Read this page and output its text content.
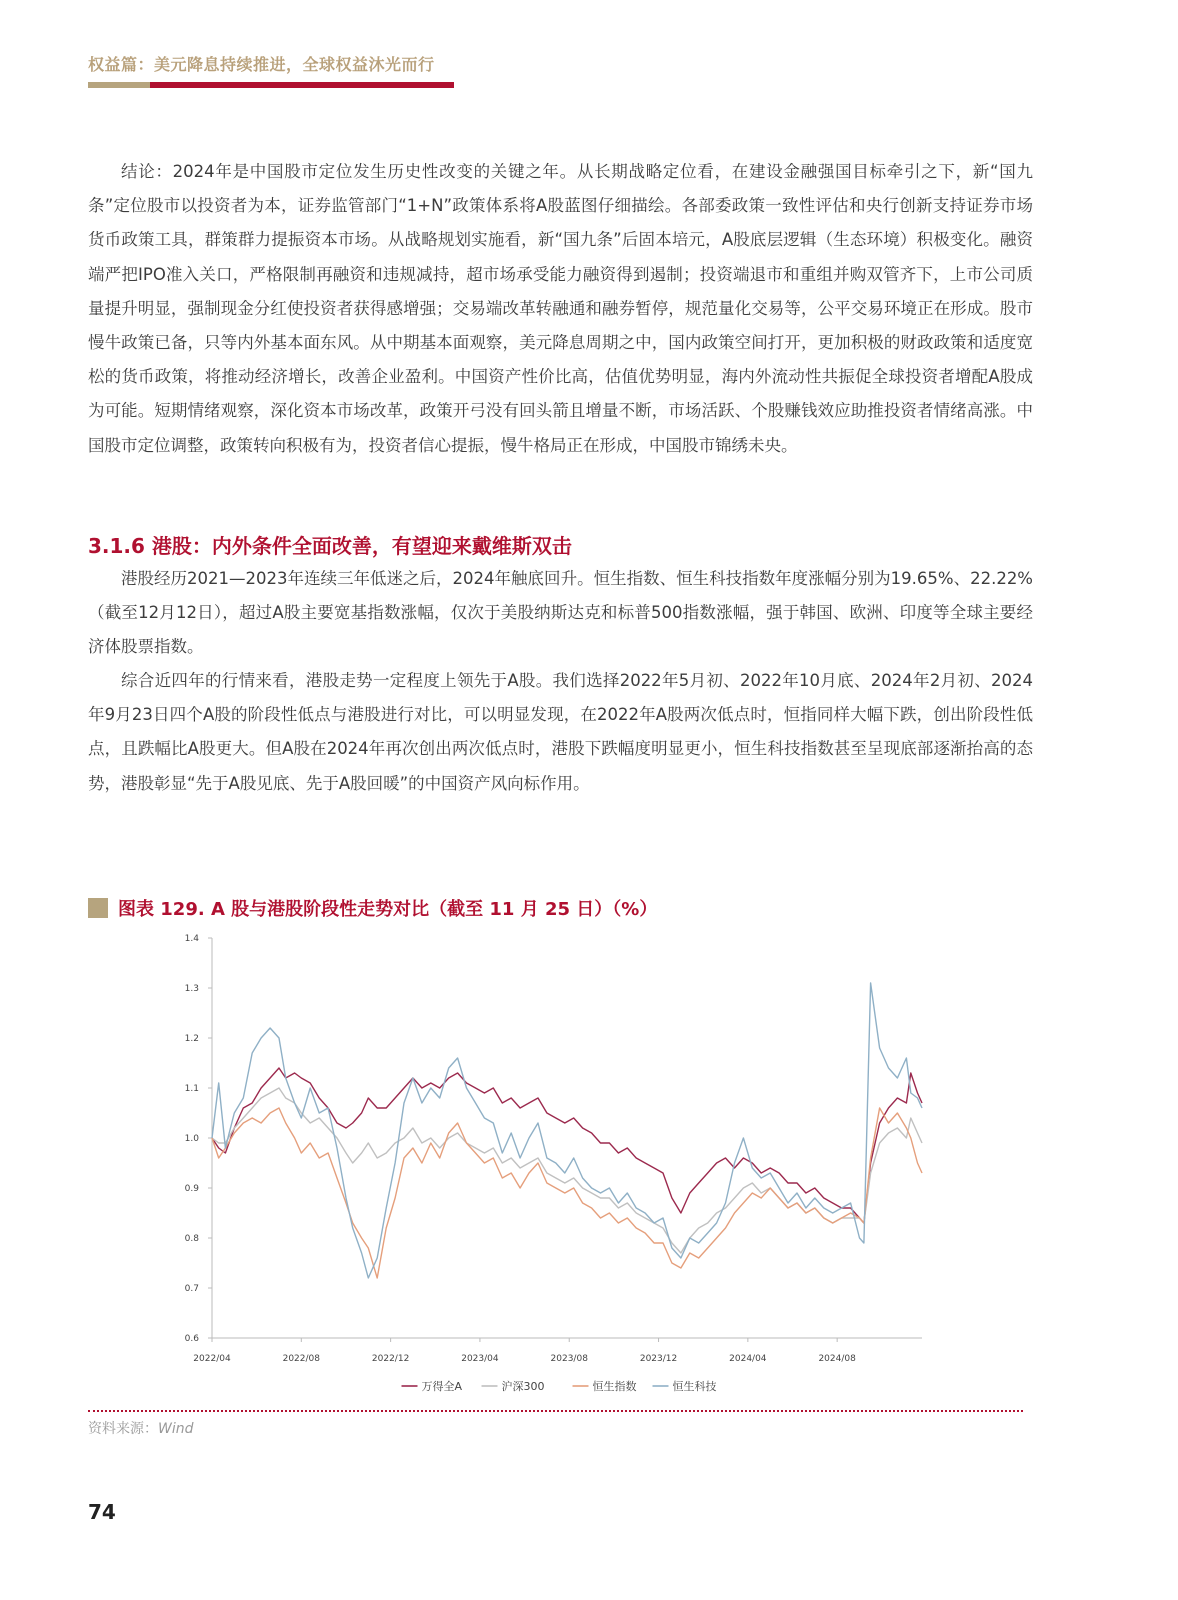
权益篇：美元降息持续推进，全球权益沐光而行

结论：2024年是中国股市定位发生历史性改变的关键之年。从长期战略定位看，在建设金融强国目标牵引之下，新“国九条”定位股市以投资者为本，证券监管部门“1+N”政策体系将A股蓝图仔细描绘。各部委政策一致性评估和央行创新支持证券市场货币政策工具，群策群力提振资本市场。从战略规划实施看，新“国九条”后固本培元，A股底层逻辑（生态环境）积极变化。融资端严把IPO准入关口，严格限制再融资和违规减持，超市场承受能力融资得到遏制；投资端退市和重组并购双管齐下，上市公司质量提升明显，强制现金分红使投资者获得感增强；交易端改革转融通和融券暂停，规范量化交易等，公平交易环境正在形成。股市慢牛政策已备，只等内外基本面东风。从中期基本面观察，美元降息周期之中，国内政策空间打开，更加积极的财政政策和适度宽松的货币政策，将推动经济增长，改善企业盈利。中国资产性价比高，估值优势明显，海内外流动性共振促全球投资者增配A股成为可能。短期情绪观察，深化资本市场改革，政策开弓没有回头箭且增量不断，市场活跃、个股赚钱效应助推投资者情绪高涨。中国股市定位调整，政策转向积极有为，投资者信心提振，慢牛格局正在形成，中国股市锦绣未央。

3.1.6 港股：内外条件全面改善，有望迎来戴维斯双击

港股经历2021—2023年连续三年低迷之后，2024年触底回升。恒生指数、恒生科技指数年度涨幅分别为19.65%、22.22%（截至12月12日），超过A股主要宽基指数涨幅，仅次于美股纳斯达克和标普500指数涨幅，强于韩国、欧洲、印度等全球主要经济体股票指数。

综合近四年的行情来看，港股走势一定程度上领先于A股。我们选择2022年5月初、2022年10月底、2024年2月初、2024年9月23日四个A股的阶段性低点与港股进行对比，可以明显发现，在2022年A股两次低点时，恒指同样大幅下跌，创出阶段性低点，且跌幅比A股更大。但A股在2024年再次创出两次低点时，港股下跌幅度明显更小，恒生科技指数甚至呈现底部逐渐抬高的态势，港股彰显“先于A股见底、先于A股回暖”的中国资产风向标作用。

图表 129. A 股与港股阶段性走势对比（截至 11 月 25 日）（%）
0.6
0.7
0.8
0.9
1.0
1.1
1.2
1.3
1.4
2022/04	2022/08	2022/12	2023/04	2023/08	2023/12	2024/04	2024/08
万得全A	沪深300	恒生指数	恒生科技
资料来源：Wind
74
